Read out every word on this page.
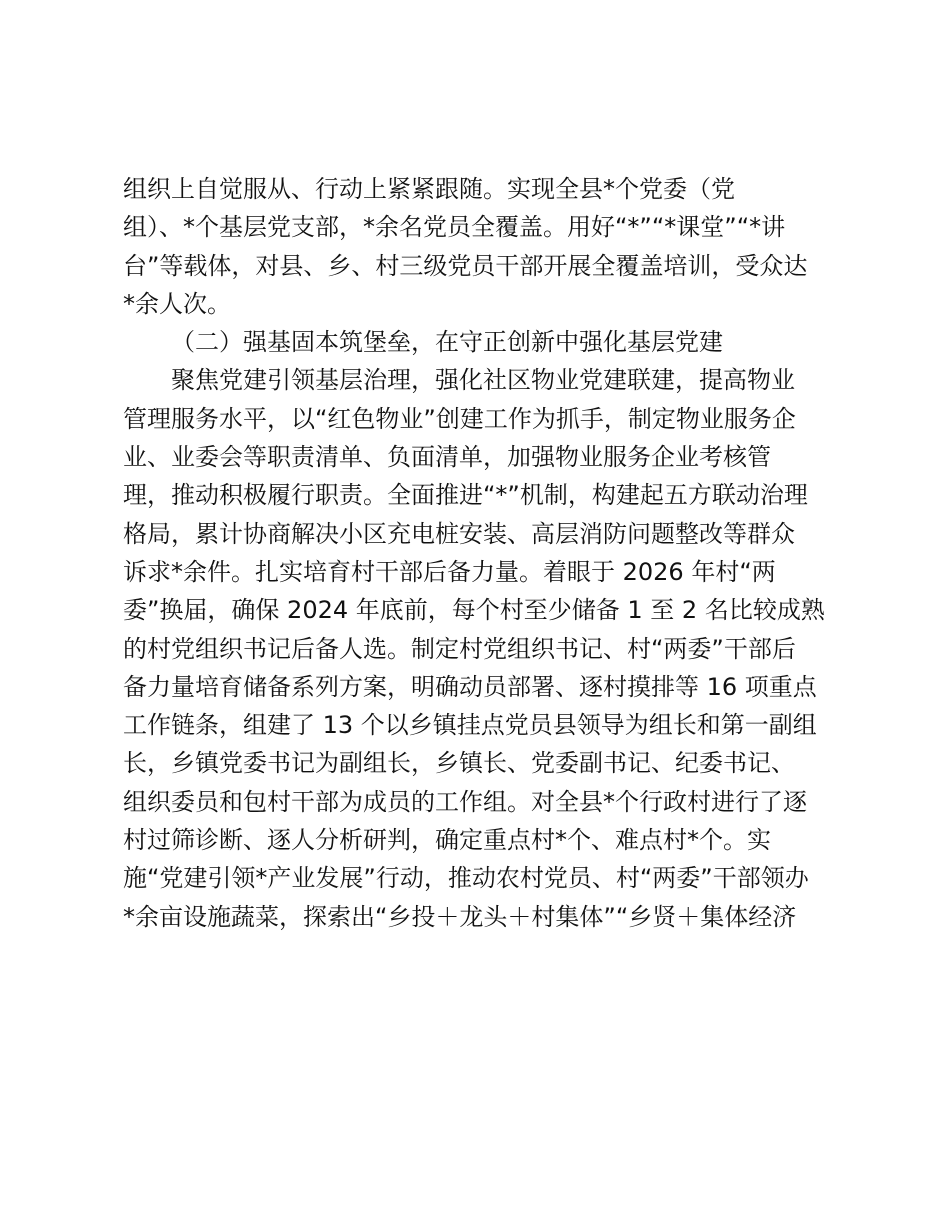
组织上自觉服从、行动上紧紧跟随。实现全县*个党委（党
组）、*个基层党支部，*余名党员全覆盖。用好“*”“*课堂”“*讲
台”等载体，对县、乡、村三级党员干部开展全覆盖培训，受众达
*余人次。
（二）强基固本筑堡垒，在守正创新中强化基层党建
聚焦党建引领基层治理，强化社区物业党建联建，提高物业
管理服务水平，以“红色物业”创建工作为抓手，制定物业服务企
业、业委会等职责清单、负面清单，加强物业服务企业考核管
理，推动积极履行职责。全面推进“*”机制，构建起五方联动治理
格局，累计协商解决小区充电桩安装、高层消防问题整改等群众
诉求*余件。扎实培育村干部后备力量。着眼于 2026 年村“两
委”换届，确保 2024 年底前，每个村至少储备 1 至 2 名比较成熟
的村党组织书记后备人选。制定村党组织书记、村“两委”干部后
备力量培育储备系列方案，明确动员部署、逐村摸排等 16 项重点
工作链条，组建了 13 个以乡镇挂点党员县领导为组长和第一副组
长，乡镇党委书记为副组长，乡镇长、党委副书记、纪委书记、
组织委员和包村干部为成员的工作组。对全县*个行政村进行了逐
村过筛诊断、逐人分析研判，确定重点村*个、难点村*个。实
施“党建引领*产业发展”行动，推动农村党员、村“两委”干部领办
*余亩设施蔬菜，探索出“乡投＋龙头＋村集体”“乡贤＋集体经济
